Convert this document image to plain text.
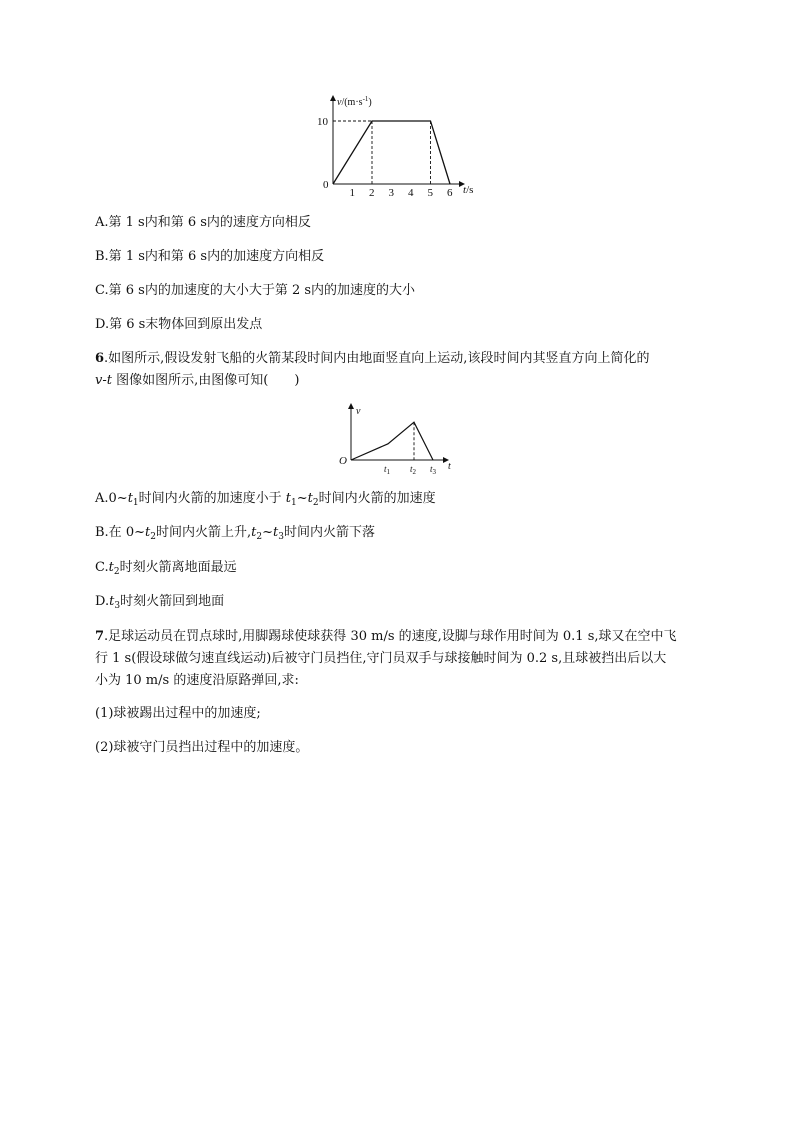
$v/(m\cdot s^{-1})$
t/s
0
10
1 2 3 4 5 6
A.第 1 s内和第 6 s内的速度方向相反
B.第 1 s内和第 6 s内的加速度方向相反
C.第 6 s内的加速度的大小大于第 2 s内的加速度的大小
D.第 6 s末物体回到原出发点
6.如图所示,假设发射飞船的火箭某段时间内由地面竖直向上运动,该段时间内其竖直方向上简化的
v-t 图像如图所示,由图像可知(　　)
v
t
O
$t_1$ $t_2$ $t_3$
$A.0\sim t_1$时间内火箭的加速度小于 $t_1\sim t_2$时间内火箭的加速度
B.在 $0\sim t_2$时间内火箭上升$,t_2\sim t_3$时间内火箭下落
$C.t_2$时刻火箭离地面最远
$D.t_3$时刻火箭回到地面
7.足球运动员在罚点球时,用脚踢球使球获得 30 m/s 的速度,设脚与球作用时间为 0.1 s,球又在空中飞
行 1 s(假设球做匀速直线运动)后被守门员挡住,守门员双手与球接触时间为 0.2 s,且球被挡出后以大
小为 10 m/s 的速度沿原路弹回,求:
(1)球被踢出过程中的加速度;
(2)球被守门员挡出过程中的加速度。
